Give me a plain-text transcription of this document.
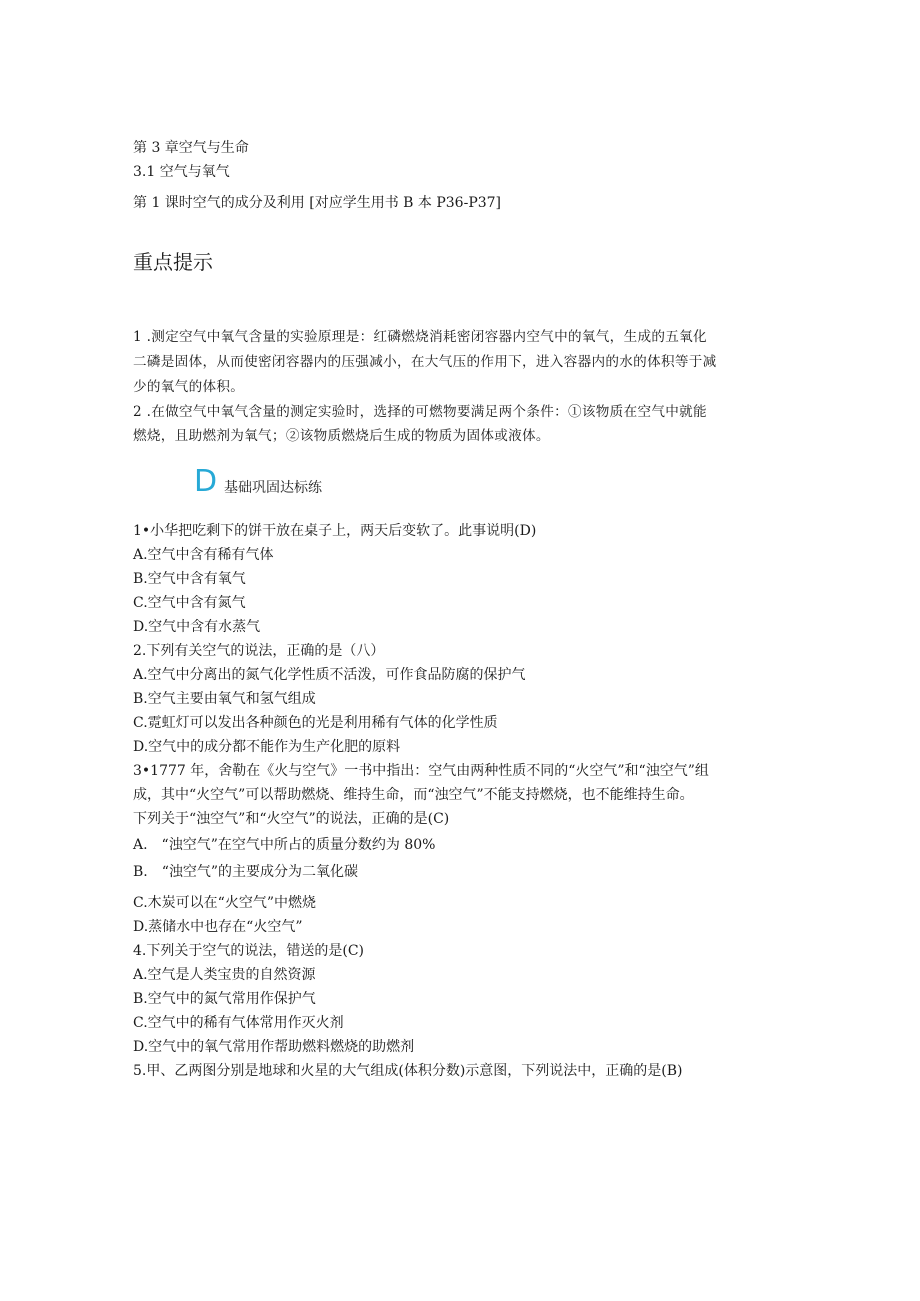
第 3 章空气与生命
3.1 空气与氧气
第 1 课时空气的成分及利用 [对应学生用书 B 本 P36-P37]
重点提示
1 .测定空气中氧气含量的实验原理是：红磷燃烧消耗密闭容器内空气中的氧气，生成的五氧化
二磷是固体，从而使密闭容器内的压强减小，在大气压的作用下，进入容器内的水的体积等于减
少的氧气的体积。
2 .在做空气中氧气含量的测定实验时，选择的可燃物要满足两个条件：①该物质在空气中就能
燃烧，且助燃剂为氧气；②该物质燃烧后生成的物质为固体或液体。
D 基础巩固达标练
1•小华把吃剩下的饼干放在桌子上，两天后变软了。此事说明(D)
A.空气中含有稀有气体
B.空气中含有氧气
C.空气中含有氮气
D.空气中含有水蒸气
2.下列有关空气的说法，正确的是（八）
A.空气中分离出的氮气化学性质不活泼，可作食品防腐的保护气
B.空气主要由氧气和氢气组成
C.霓虹灯可以发出各种颜色的光是利用稀有气体的化学性质
D.空气中的成分都不能作为生产化肥的原料
3•1777 年，舍勒在《火与空气》一书中指出：空气由两种性质不同的“火空气”和“浊空气”组
成，其中“火空气”可以帮助燃烧、维持生命，而“浊空气”不能支持燃烧，也不能维持生命。
下列关于“浊空气”和“火空气”的说法，正确的是(C)
A.　“浊空气”在空气中所占的质量分数约为 80%
B.　“浊空气”的主要成分为二氧化碳
C.木炭可以在“火空气”中燃烧
D.蒸储水中也存在“火空气”
4.下列关于空气的说法，错送的是(C)
A.空气是人类宝贵的自然资源
B.空气中的氮气常用作保护气
C.空气中的稀有气体常用作灭火剂
D.空气中的氧气常用作帮助燃料燃烧的助燃剂
5.甲、乙两图分别是地球和火星的大气组成(体积分数)示意图，下列说法中，正确的是(B)
